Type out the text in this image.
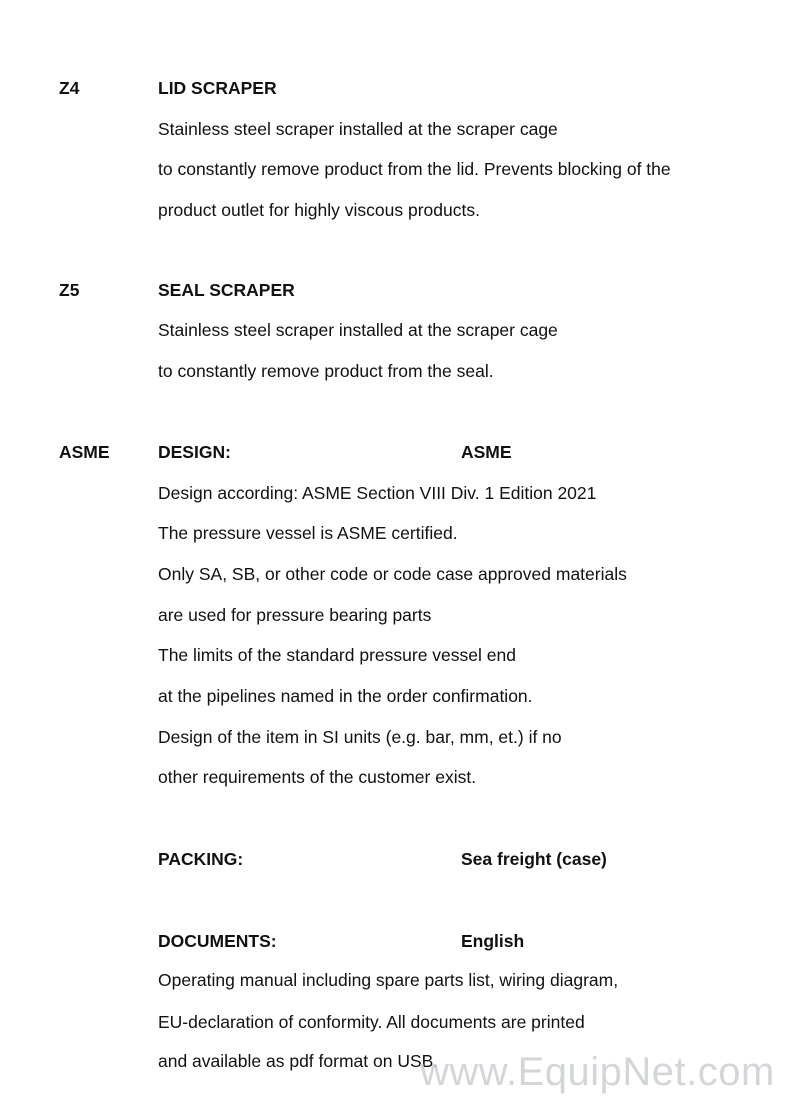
Z4	LID SCRAPER
Stainless steel scraper installed at the scraper cage
to constantly remove product from the lid. Prevents blocking of the
product outlet for highly viscous products.
Z5	SEAL SCRAPER
Stainless steel scraper installed at the scraper cage
to constantly remove product from the seal.
ASME	DESIGN:	ASME
Design according: ASME Section VIII Div. 1 Edition 2021
The pressure vessel is ASME certified.
Only SA, SB, or other code or code case approved materials
are used for pressure bearing parts
The limits of the standard pressure vessel end
at the pipelines named in the order confirmation.
Design of the item in SI units (e.g. bar, mm, et.) if no
other requirements of the customer exist.
PACKING:	Sea freight (case)
DOCUMENTS:	English
Operating manual including spare parts list, wiring diagram,
EU-declaration of conformity. All documents are printed
and available as pdf format on USB.
www.EquipNet.com
